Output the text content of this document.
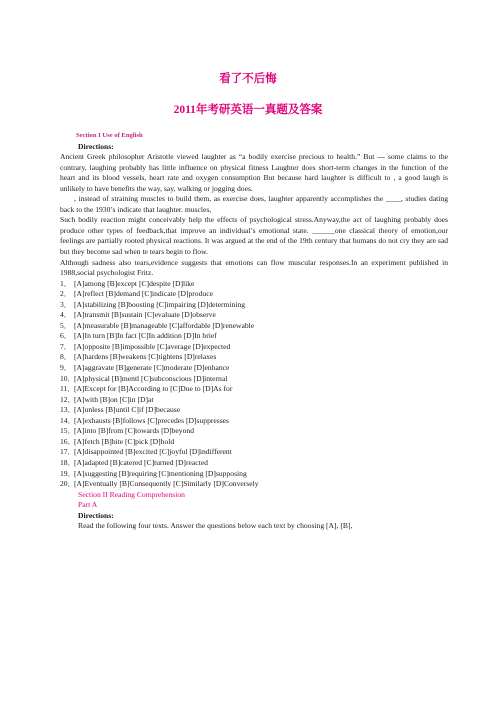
看了不后悔

2011年考研英语一真题及答案

Section I Use of English
Directions:
Ancient Greek philosopher Aristotle viewed laughter as “a bodily exercise precious to health.” But --- some claims to the contrary, laughing probably has little influence on physical fitness Laughter does short-term changes in the function of the heart and its blood vessels, heart rate and oxygen consumption But because hard laughter is difficult to , a good laugh is unlikely to have benefits the way, say, walking or jogging does.
, instead of straining muscles to build them, as exercise does, laughter apparently accomplishes the ____, studies dating back to the 1930’s indicate that laughter. muscles,
Such bodily reaction might conceivably help the effects of psychological stress.Anyway,the act of laughing probably does produce other types of feedback,that improve an individual’s emotional state. ______one classical theory of emotion,our feelings are partially rooted physical reactions. It was argued at the end of the 19th century that humans do not cry they are sad but they become sad when te tears begin to flow.
Although sadness also tears,evidence suggests that emotions can flow muscular responses.In an experiment published in 1988,social psychologist Fritz.
1． [A]among [B]except [C]despite [D]like
2． [A]reflect [B]demand [C]indicate [D]produce
3． [A]stabilizing [B]boosting [C]impairing [D]determining
4． [A]transmit [B]sustain [C]evaluate [D]observe
5． [A]measurable [B]manageable [C]affordable [D]renewable
6． [A]In turn [B]In fact [C]In addition [D]In brief
7． [A]opposite [B]impossible [C]average [D]expected
8． [A]hardens [B]weakens [C]tightens [D]relaxes
9． [A]aggravate [B]generate [C]moderate [D]enhance
10．[A]physical [B]mentl [C]subconscious [D]internal
11．[A]Except for [B]According to [C]Due to [D]As for
12．[A]with [B]on [C]in [D]at
13．[A]unless [B]until C]if [D]because
14．[A]exhausts [B]follows [C]precedes [D]suppresses
15．[A]into [B]from [C]towards [D]beyond
16．[A]fetch [B]bite [C]pick [D]hold
17．[A]disappointed [B]excited [C]joyful [D]indifferent
18．[A]adapted [B]catered [C]turned [D]reacted
19．[A]suggesting [B]requiring [C]mentioning [D]supposing
20．[A]Eventually [B]Consequently [C]Similarly [D]Conversely
Section II Reading Comprehension
Part A
Directions:
Read the following four texts. Answer the questions below each text by choosing [A], [B],
